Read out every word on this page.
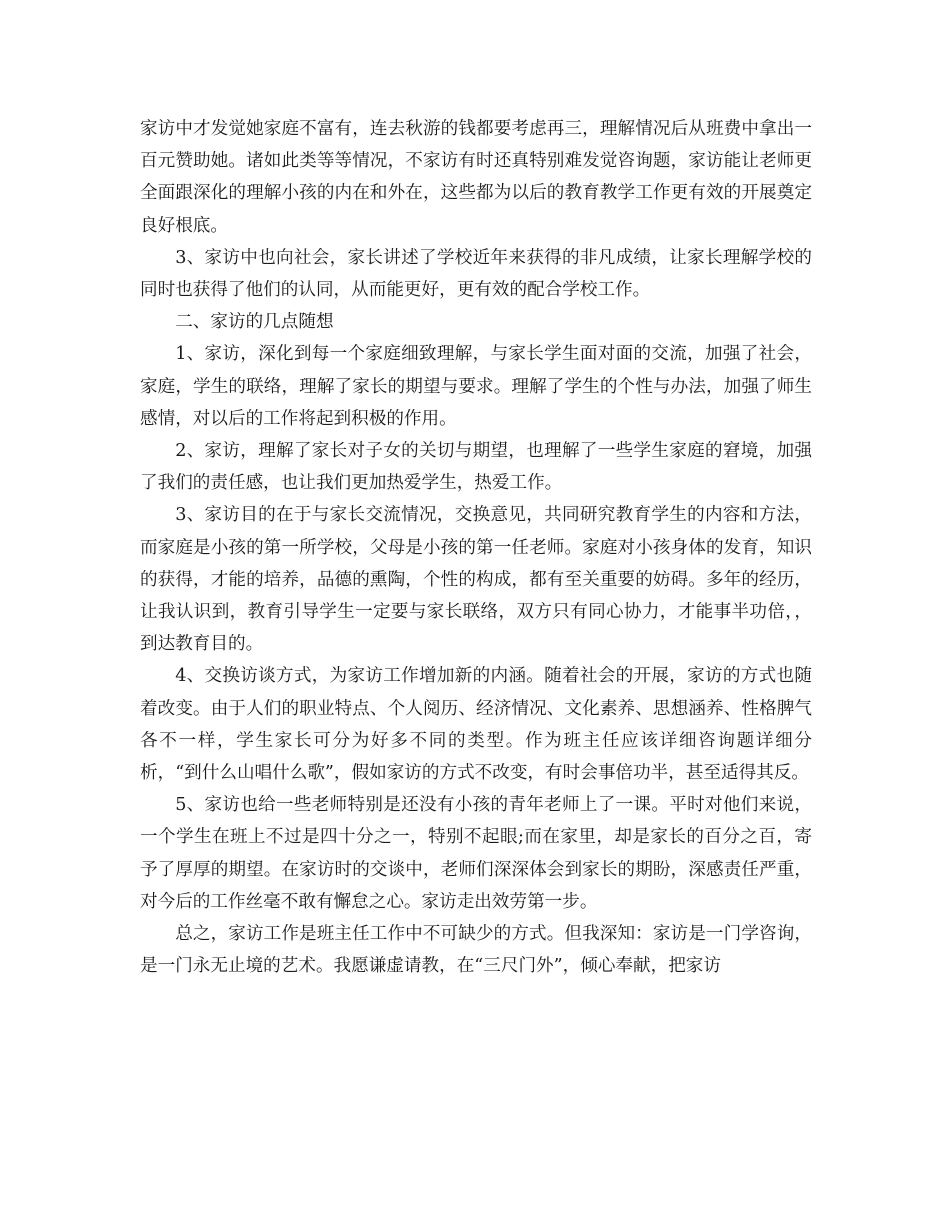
家访中才发觉她家庭不富有，连去秋游的钱都要考虑再三，理解情况后从班费中拿出一百元赞助她。诸如此类等等情况，不家访有时还真特别难发觉咨询题，家访能让老师更全面跟深化的理解小孩的内在和外在，这些都为以后的教育教学工作更有效的开展奠定良好根底。

3、家访中也向社会，家长讲述了学校近年来获得的非凡成绩，让家长理解学校的同时也获得了他们的认同，从而能更好，更有效的配合学校工作。

二、家访的几点随想

1、家访，深化到每一个家庭细致理解，与家长学生面对面的交流，加强了社会，家庭，学生的联络，理解了家长的期望与要求。理解了学生的个性与办法，加强了师生感情，对以后的工作将起到积极的作用。

2、家访，理解了家长对子女的关切与期望，也理解了一些学生家庭的窘境，加强了我们的责任感，也让我们更加热爱学生，热爱工作。

3、家访目的在于与家长交流情况，交换意见，共同研究教育学生的内容和方法，而家庭是小孩的第一所学校，父母是小孩的第一任老师。家庭对小孩身体的发育，知识的获得，才能的培养，品德的熏陶，个性的构成，都有至关重要的妨碍。多年的经历，让我认识到，教育引导学生一定要与家长联络，双方只有同心协力，才能事半功倍，，到达教育目的。

4、交换访谈方式，为家访工作增加新的内涵。随着社会的开展，家访的方式也随着改变。由于人们的职业特点、个人阅历、经济情况、文化素养、思想涵养、性格脾气各不一样，学生家长可分为好多不同的类型。作为班主任应该详细咨询题详细分析，“到什么山唱什么歌”，假如家访的方式不改变，有时会事倍功半，甚至适得其反。

5、家访也给一些老师特别是还没有小孩的青年老师上了一课。平时对他们来说，一个学生在班上不过是四十分之一，特别不起眼;而在家里，却是家长的百分之百，寄予了厚厚的期望。在家访时的交谈中，老师们深深体会到家长的期盼，深感责任严重，对今后的工作丝毫不敢有懈怠之心。家访走出效劳第一步。

总之，家访工作是班主任工作中不可缺少的方式。但我深知：家访是一门学咨询，是一门永无止境的艺术。我愿谦虚请教，在“三尺门外”，倾心奉献，把家访
